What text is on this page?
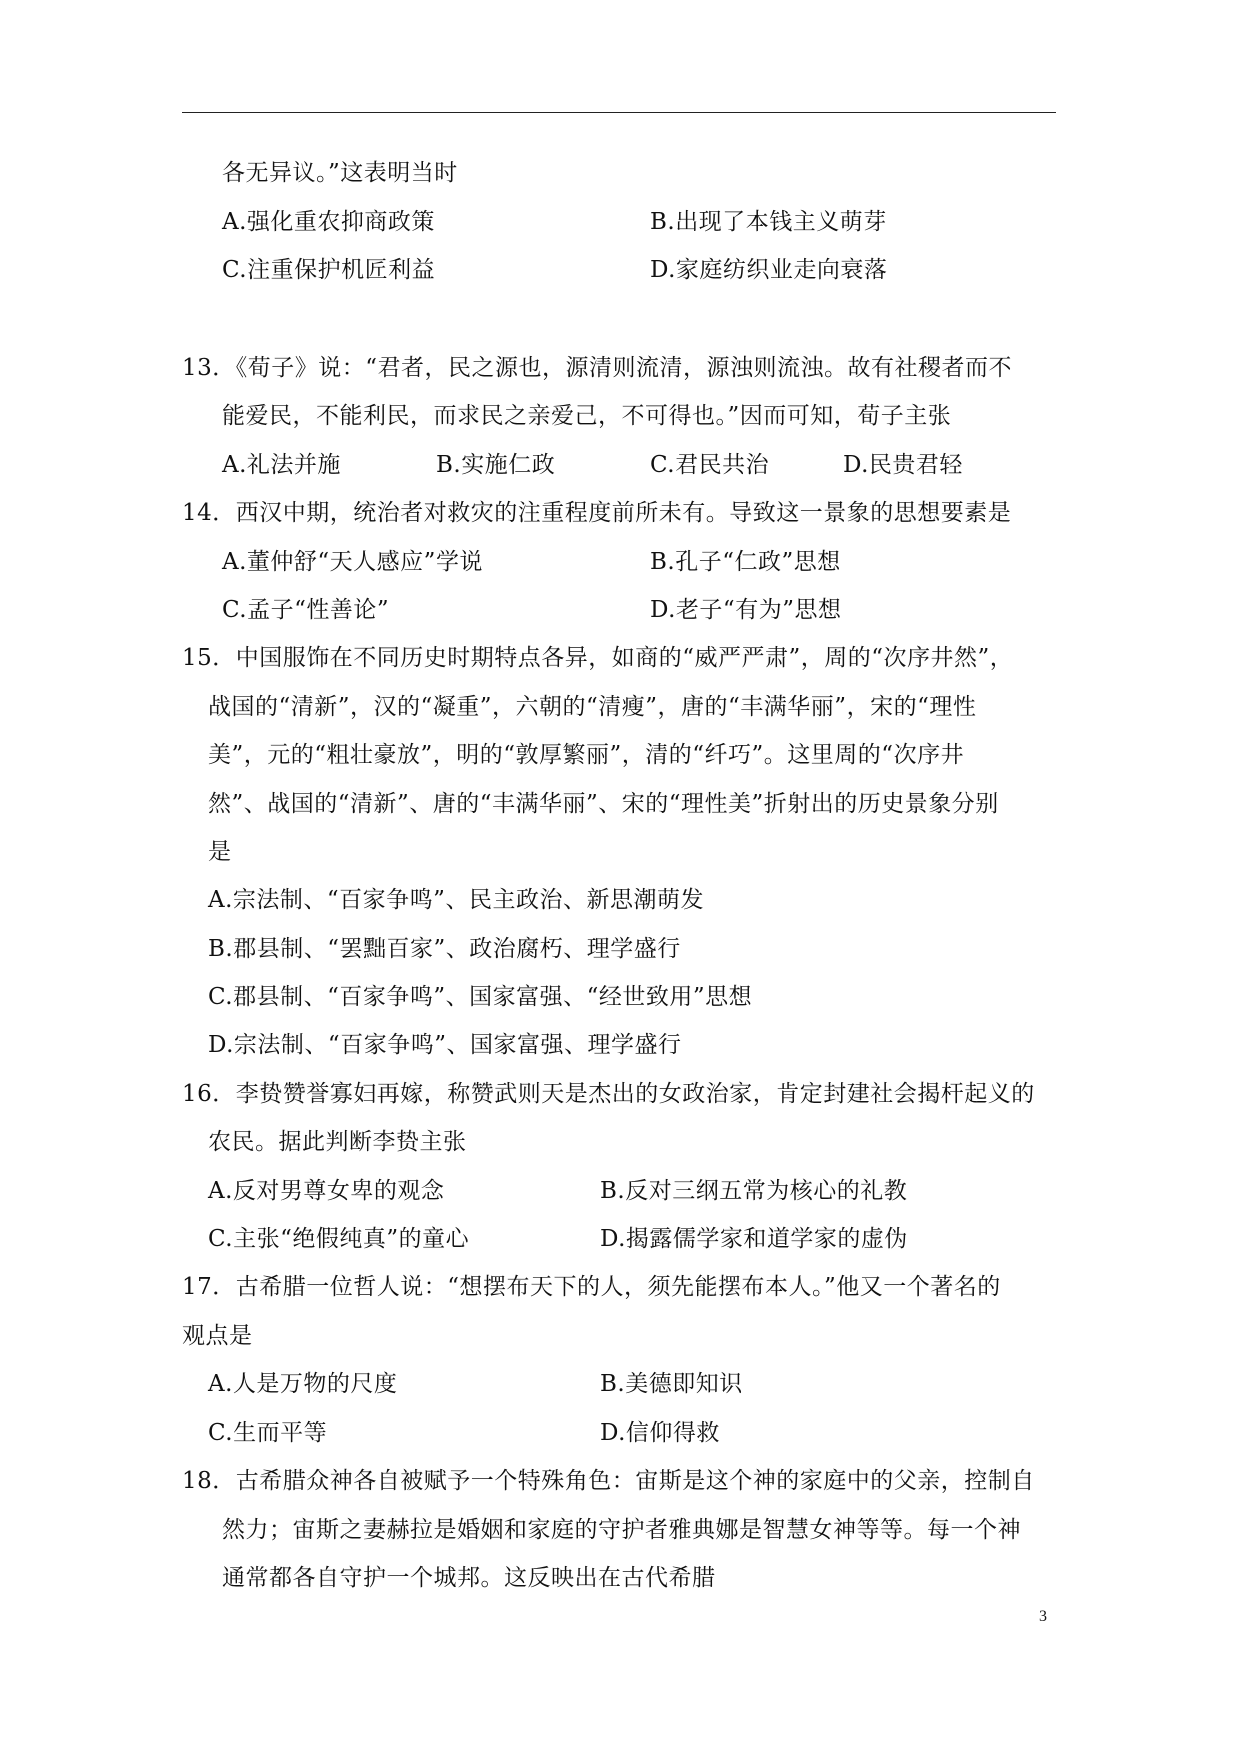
各无异议。”这表明当时
A.强化重农抑商政策	B.出现了本钱主义萌芽
C.注重保护机匠利益	D.家庭纺织业走向衰落
13．《荀子》说：“君者，民之源也，源清则流清，源浊则流浊。故有社稷者而不
能爱民，不能利民，而求民之亲爱己，不可得也。”因而可知，荀子主张
A.礼法并施	B.实施仁政	C.君民共治	D.民贵君轻
14．西汉中期，统治者对救灾的注重程度前所未有。导致这一景象的思想要素是
A.董仲舒“天人感应”学说	B.孔子“仁政”思想
C.孟子“性善论”	D.老子“有为”思想
15．中国服饰在不同历史时期特点各异，如商的“威严严肃”，周的“次序井然”，
战国的“清新”，汉的“凝重”，六朝的“清瘦”，唐的“丰满华丽”，宋的“理性
美”，元的“粗壮豪放”，明的“敦厚繁丽”，清的“纤巧”。这里周的“次序井
然”、战国的“清新”、唐的“丰满华丽”、宋的“理性美”折射出的历史景象分别
是
A.宗法制、“百家争鸣”、民主政治、新思潮萌发
B.郡县制、“罢黜百家”、政治腐朽、理学盛行
C.郡县制、“百家争鸣”、国家富强、“经世致用”思想
D.宗法制、“百家争鸣”、国家富强、理学盛行
16．李贽赞誉寡妇再嫁，称赞武则天是杰出的女政治家，肯定封建社会揭杆起义的
农民。据此判断李贽主张
A.反对男尊女卑的观念	B.反对三纲五常为核心的礼教
C.主张“绝假纯真”的童心	D.揭露儒学家和道学家的虚伪
17．古希腊一位哲人说：“想摆布天下的人，须先能摆布本人。”他又一个著名的
观点是
A.人是万物的尺度	B.美德即知识
C.生而平等	D.信仰得救
18．古希腊众神各自被赋予一个特殊角色：宙斯是这个神的家庭中的父亲，控制自
然力；宙斯之妻赫拉是婚姻和家庭的守护者雅典娜是智慧女神等等。每一个神
通常都各自守护一个城邦。这反映出在古代希腊
3
